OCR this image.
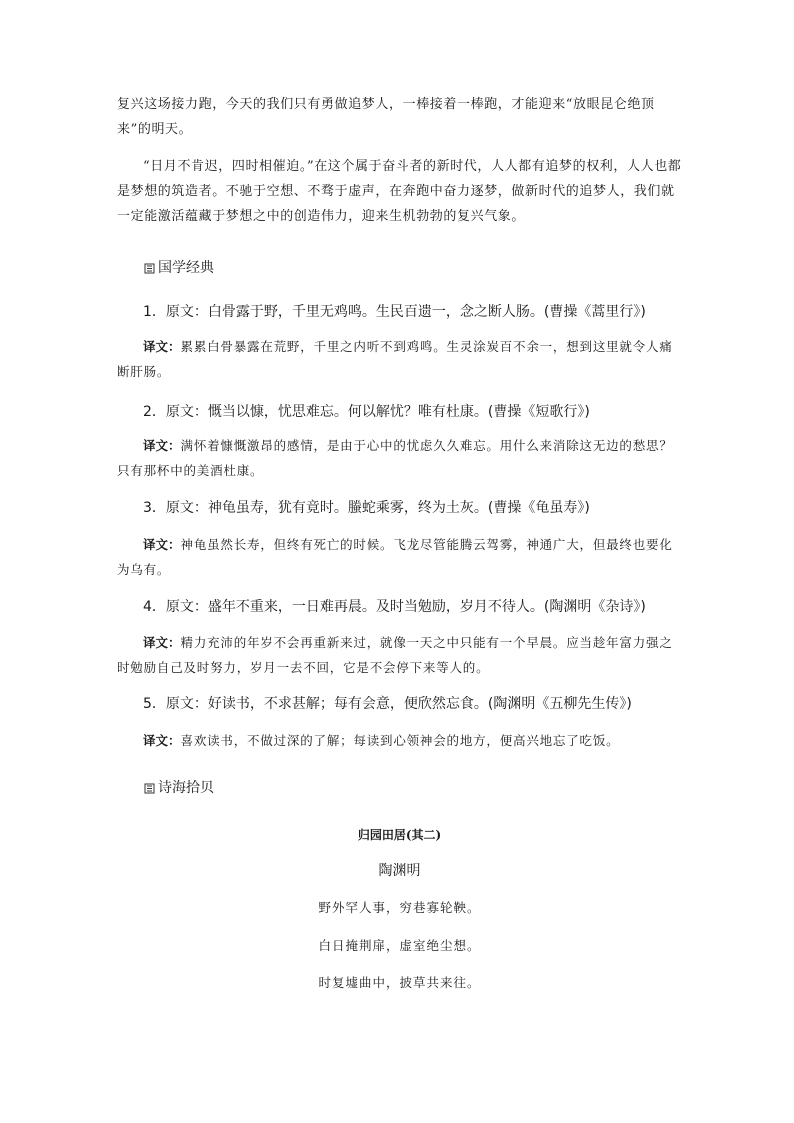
复兴这场接力跑，今天的我们只有勇做追梦人，一棒接着一棒跑，才能迎来“放眼昆仑绝顶来”的明天。

“日月不肯迟，四时相催迫。”在这个属于奋斗者的新时代，人人都有追梦的权利，人人也都是梦想的筑造者。不驰于空想、不骛于虚声，在奔跑中奋力逐梦，做新时代的追梦人，我们就一定能激活蕴藏于梦想之中的创造伟力，迎来生机勃勃的复兴气象。

国学经典
1．原文：白骨露于野，千里无鸡鸣。生民百遗一，念之断人肠。(曹操《蒿里行》)

译文：累累白骨暴露在荒野，千里之内听不到鸡鸣。生灵涂炭百不余一，想到这里就令人痛断肝肠。

2．原文：慨当以慷，忧思难忘。何以解忧？唯有杜康。(曹操《短歌行》)

译文：满怀着慷慨激昂的感情，是由于心中的忧虑久久难忘。用什么来消除这无边的愁思？只有那杯中的美酒杜康。

3．原文：神龟虽寿，犹有竟时。螣蛇乘雾，终为土灰。(曹操《龟虽寿》)

译文：神龟虽然长寿，但终有死亡的时候。飞龙尽管能腾云驾雾，神通广大，但最终也要化为乌有。

4．原文：盛年不重来，一日难再晨。及时当勉励，岁月不待人。(陶渊明《杂诗》)

译文：精力充沛的年岁不会再重新来过，就像一天之中只能有一个早晨。应当趁年富力强之时勉励自己及时努力，岁月一去不回，它是不会停下来等人的。

5．原文：好读书，不求甚解；每有会意，便欣然忘食。(陶渊明《五柳先生传》)

译文：喜欢读书，不做过深的了解；每读到心领神会的地方，便高兴地忘了吃饭。

诗海拾贝
归园田居(其二)
陶渊明
野外罕人事，穷巷寡轮鞅。
白日掩荆扉，虚室绝尘想。
时复墟曲中，披草共来往。
